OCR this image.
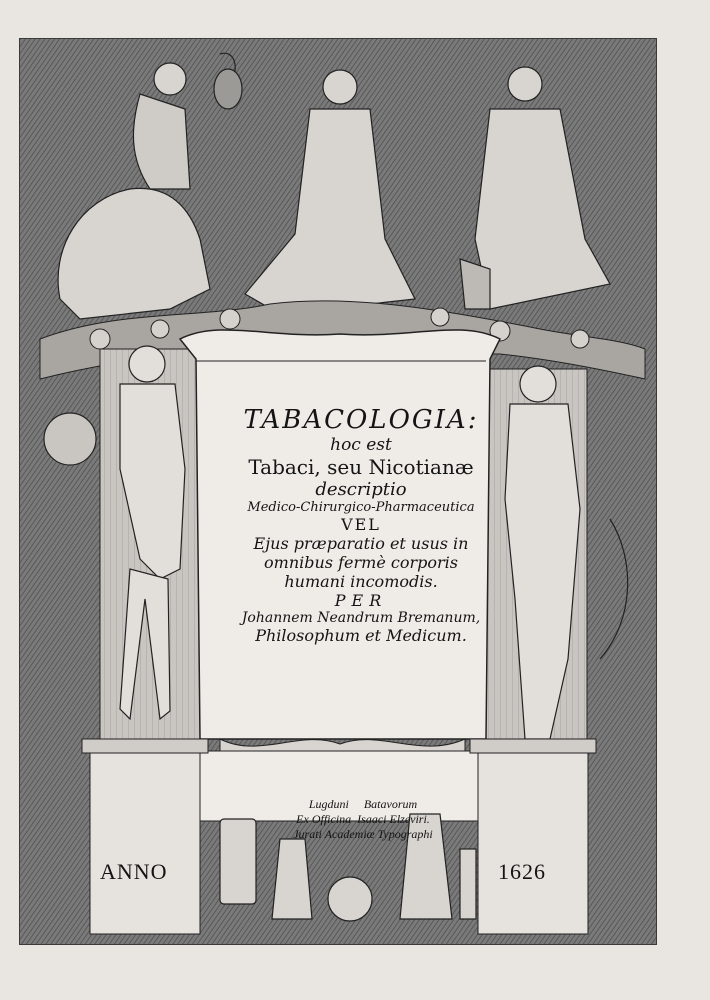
TABACOLOGIA:
hoc est
Tabaci, seu Nicotianæ
descriptio
Medico-Chirurgico-Pharmaceutica
VEL
Ejus præparatio et usus in
omnibus fermè corporis
humani incomodis.
PER
Johannem Neandrum Bremanum,
Philosophum et Medicum.
Lugduni Batavorum
Ex Officina Isaaci Elzeviri.
Jurati Academiæ Typographi
ANNO	1626
